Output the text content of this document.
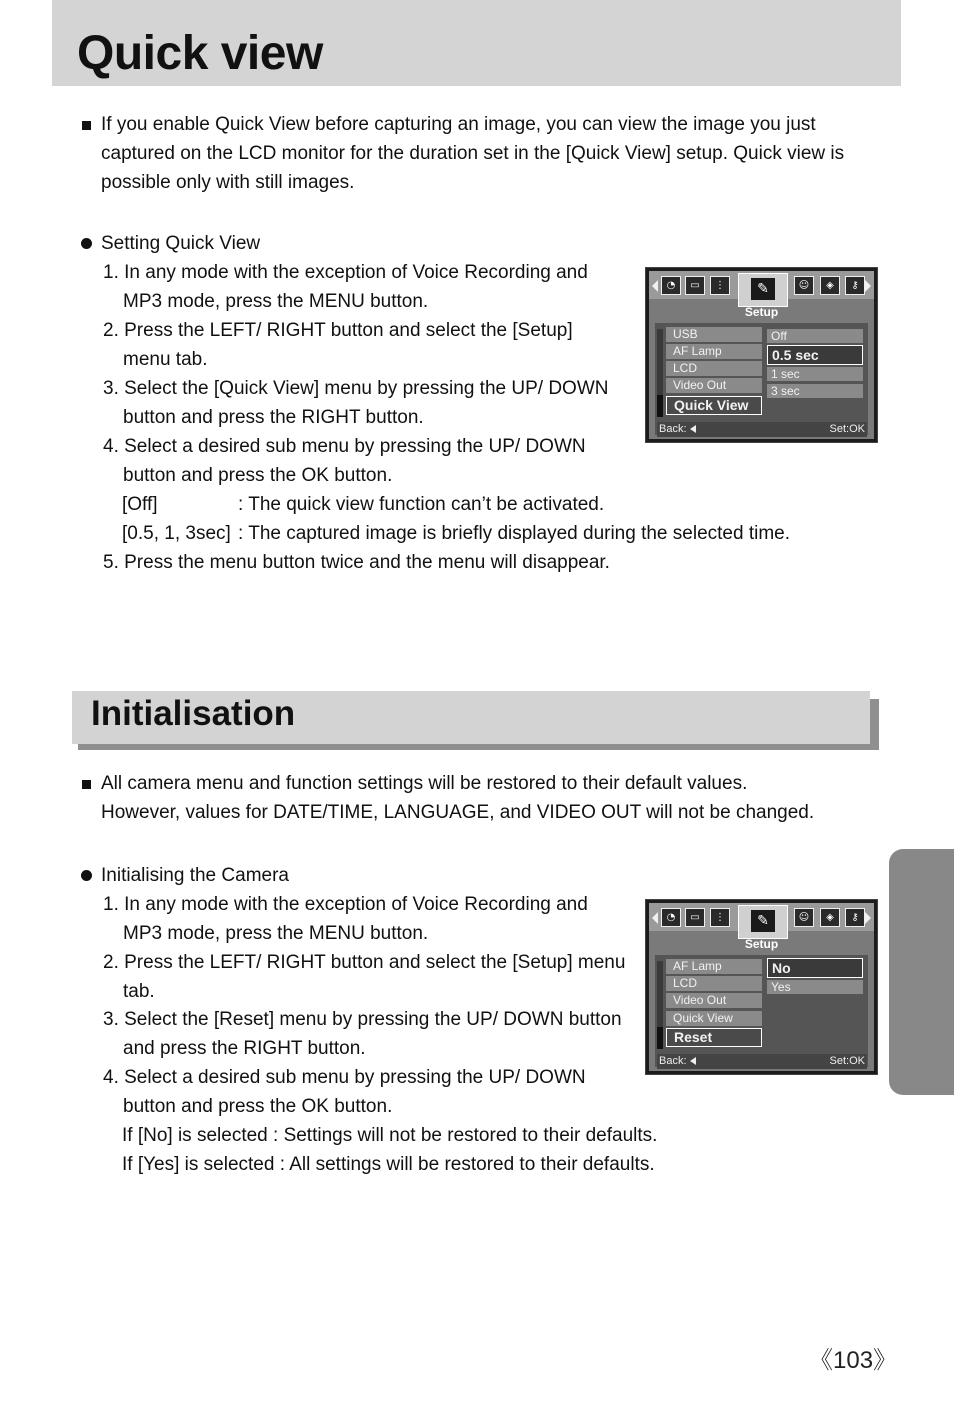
Quick view
If you enable Quick View before capturing an image, you can view the image you just
captured on the LCD monitor for the duration set in the [Quick View] setup. Quick view is
possible only with still images.
Setting Quick View
1. In any mode with the exception of Voice Recording and
MP3 mode, press the MENU button.
2. Press the LEFT/ RIGHT button and select the [Setup]
menu tab.
3. Select the [Quick View] menu by pressing the UP/ DOWN
button and press the RIGHT button.
4. Select a desired sub menu by pressing the UP/ DOWN
button and press the OK button.
[Off]	: The quick view function can’t be activated.
[0.5, 1, 3sec] : The captured image is briefly displayed during the selected time.
5. Press the menu button twice and the menu will disappear.
◔	▭	⋮	✎	☺	◈	⚷
Setup
USB
AF Lamp
LCD
Video Out
Quick View
Off
0.5 sec
1 sec
3 sec
Back:	Set:OK
Initialisation
All camera menu and function settings will be restored to their default values.
However, values for DATE/TIME, LANGUAGE, and VIDEO OUT will not be changed.
Initialising the Camera
1. In any mode with the exception of Voice Recording and
MP3 mode, press the MENU button.
2. Press the LEFT/ RIGHT button and select the [Setup] menu
tab.
3. Select the [Reset] menu by pressing the UP/ DOWN button
and press the RIGHT button.
4. Select a desired sub menu by pressing the UP/ DOWN
button and press the OK button.
If [No] is selected : Settings will not be restored to their defaults.
If [Yes] is selected : All settings will be restored to their defaults.
◔	▭	⋮	✎	☺	◈	⚷
Setup
AF Lamp
LCD
Video Out
Quick View
Reset
No
Yes
Back:	Set:OK
《103》
